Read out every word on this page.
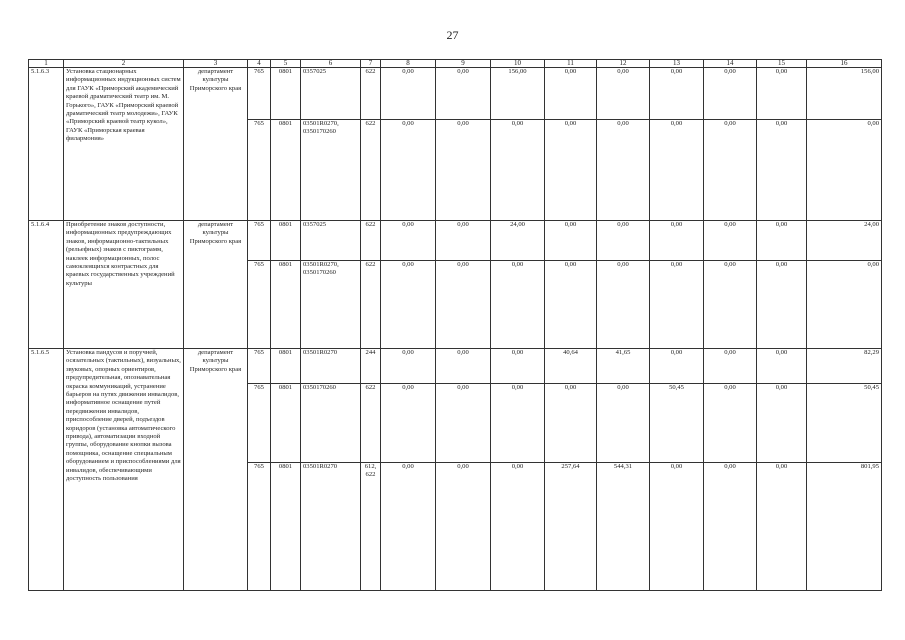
27
1	2	3	4	5	6	7	8	9	10	11	12	13	14	15	16
5.1.6.3	Установка стационарных информационных индукционных систем для ГАУК «Приморский академический краевой драматический театр им. М. Горького», ГАУК «Приморский краевой драматический театр молодежи», ГАУК «Приморский краевой театр кукол», ГАУК «Приморская краевая филармония»	департамент культуры Приморского края	765	0801	0357025	622	0,00	0,00	156,00	0,00	0,00	0,00	0,00	0,00	156,00
			765	0801	03501R0270, 0350170260	622	0,00	0,00	0,00	0,00	0,00	0,00	0,00	0,00	0,00
5.1.6.4	Приобретение знаков доступности, информационных предупреждающих знаков, информационно-тактильных (рельефных) знаков с пиктограмм, наклеек информационных, полос самоклеящихся контрастных для краевых государственных учреждений культуры	департамент культуры Приморского края	765	0801	0357025	622	0,00	0,00	24,00	0,00	0,00	0,00	0,00	0,00	24,00
			765	0801	03501R0270, 0350170260	622	0,00	0,00	0,00	0,00	0,00	0,00	0,00	0,00	0,00
5.1.6.5	Установка пандусов и поручней, осязательных (тактильных), визуальных, звуковых, опорных ориентиров, предупредительная, опознавательная окраска коммуникаций, устранение барьеров на путях движения инвалидов, информативное оснащение путей передвижения инвалидов, приспособление дверей, подъездов коридоров (установка автоматического привода), автоматизации входной группы, оборудование кнопки вызова помощника, оснащение специальным оборудованием и приспособлениями для инвалидов, обеспечивающими доступность пользования	департамент культуры Приморского края	765	0801	03501R0270	244	0,00	0,00	0,00	40,64	41,65	0,00	0,00	0,00	82,29
			765	0801	0350170260	622	0,00	0,00	0,00	0,00	0,00	50,45	0,00	0,00	50,45
			765	0801	03501R0270	612, 622	0,00	0,00	0,00	257,64	544,31	0,00	0,00	0,00	801,95
